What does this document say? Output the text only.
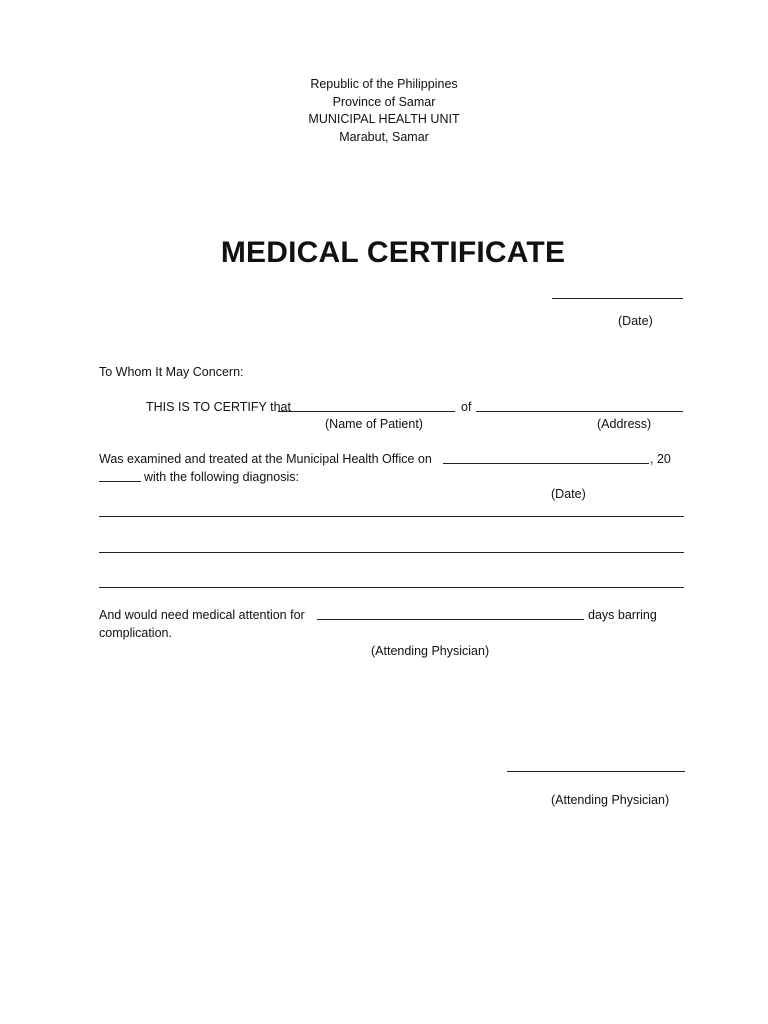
Republic of the Philippines
Province of Samar
MUNICIPAL HEALTH UNIT
Marabut, Samar
MEDICAL CERTIFICATE
(Date)
To Whom It May Concern:
THIS IS TO CERTIFY that	of
(Name of Patient)	(Address)
Was examined and treated at the Municipal Health Office on	, 20
with the following diagnosis:
(Date)
And would need medical attention for	days barring
complication.
(Attending Physician)
(Attending Physician)
